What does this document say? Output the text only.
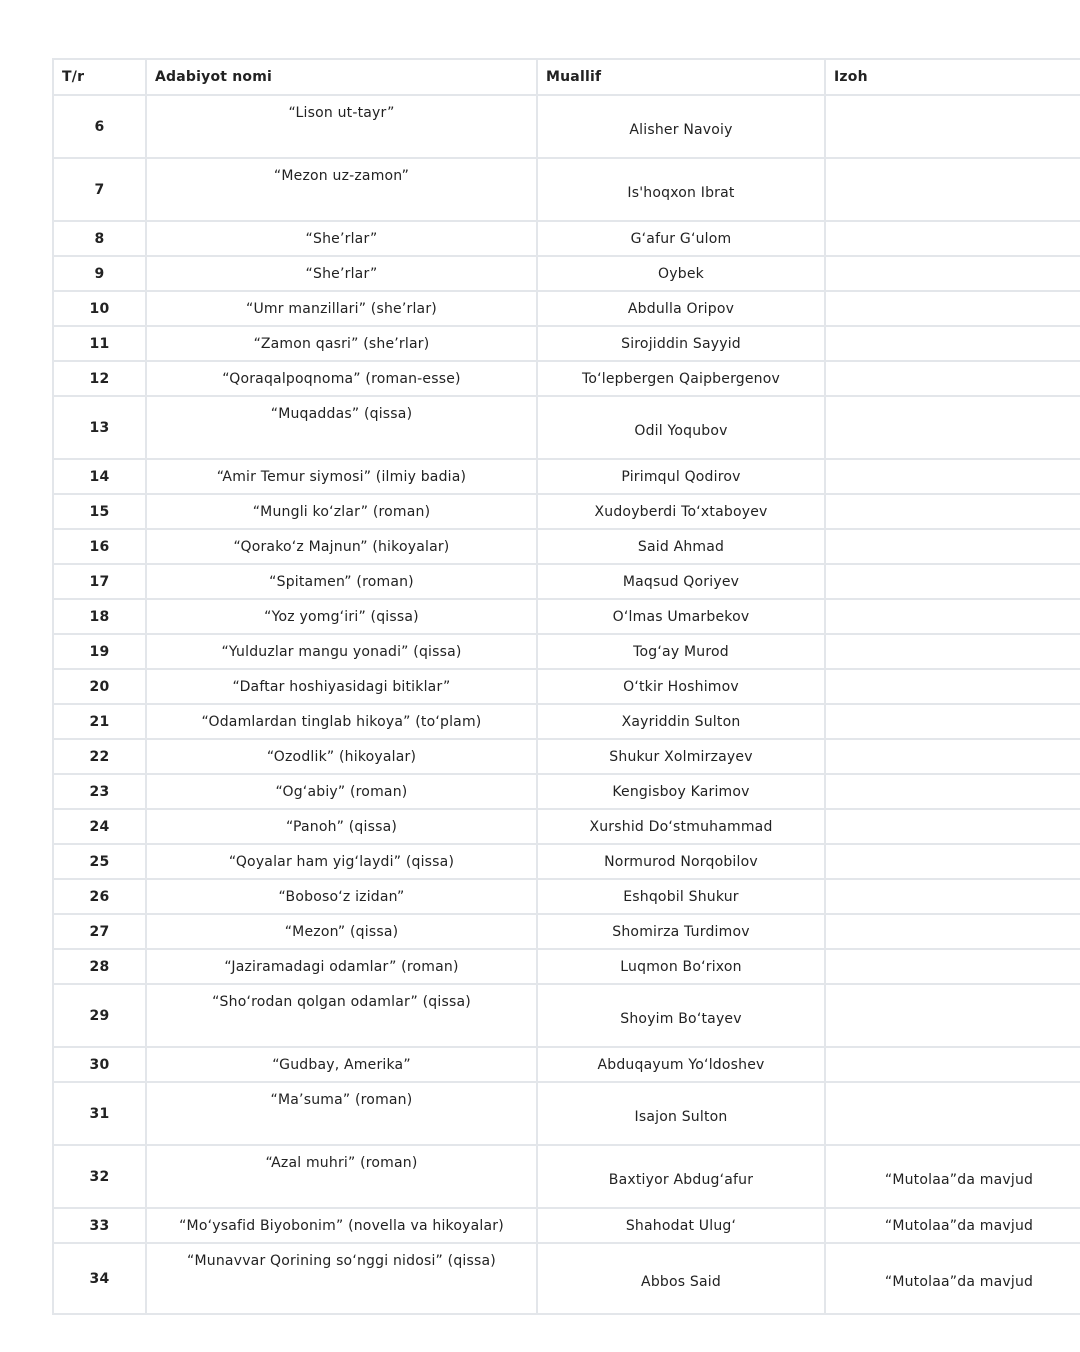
T/r	Adabiyot nomi	Muallif	Izoh
6	“Lison ut-tayr”	Alisher Navoiy	
7	“Mezon uz-zamon”	Is'hoqxon Ibrat	
8	“She’rlar”	G‘afur G‘ulom	
9	“She’rlar”	Oybek	
10	“Umr manzillari” (she’rlar)	Abdulla Oripov	
11	“Zamon qasri” (she’rlar)	Sirojiddin Sayyid	
12	“Qoraqalpoqnoma” (roman-esse)	To‘lepbergen Qaipbergenov	
13	“Muqaddas” (qissa)	Odil Yoqubov	
14	“Amir Temur siymosi” (ilmiy badia)	Pirimqul Qodirov	
15	“Mungli ko‘zlar” (roman)	Xudoyberdi To‘xtaboyev	
16	“Qorako‘z Majnun” (hikoyalar)	Said Ahmad	
17	“Spitamen” (roman)	Maqsud Qoriyev	
18	“Yoz yomg‘iri” (qissa)	O‘lmas Umarbekov	
19	“Yulduzlar mangu yonadi” (qissa)	Tog‘ay Murod	
20	“Daftar hoshiyasidagi bitiklar”	O‘tkir Hoshimov	
21	“Odamlardan tinglab hikoya” (to‘plam)	Xayriddin Sulton	
22	“Ozodlik” (hikoyalar)	Shukur Xolmirzayev	
23	“Og‘abiy” (roman)	Kengisboy Karimov	
24	“Panoh” (qissa)	Xurshid Do‘stmuhammad	
25	“Qoyalar ham yig‘laydi” (qissa)	Normurod Norqobilov	
26	“Boboso‘z izidan”	Eshqobil Shukur	
27	“Mezon” (qissa)	Shomirza Turdimov	
28	“Jaziramadagi odamlar” (roman)	Luqmon Bo‘rixon	
29	“Sho‘rodan qolgan odamlar” (qissa)	Shoyim Bo‘tayev	
30	“Gudbay, Amerika”	Abduqayum Yo‘ldoshev	
31	“Ma’suma” (roman)	Isajon Sulton	
32	“Azal muhri” (roman)	Baxtiyor Abdug‘afur	“Mutolaa”da mavjud
33	“Mo‘ysafid Biyobonim” (novella va hikoyalar)	Shahodat Ulug‘	“Mutolaa”da mavjud
34	“Munavvar Qorining so‘nggi nidosi” (qissa)	Abbos Said	“Mutolaa”da mavjud
